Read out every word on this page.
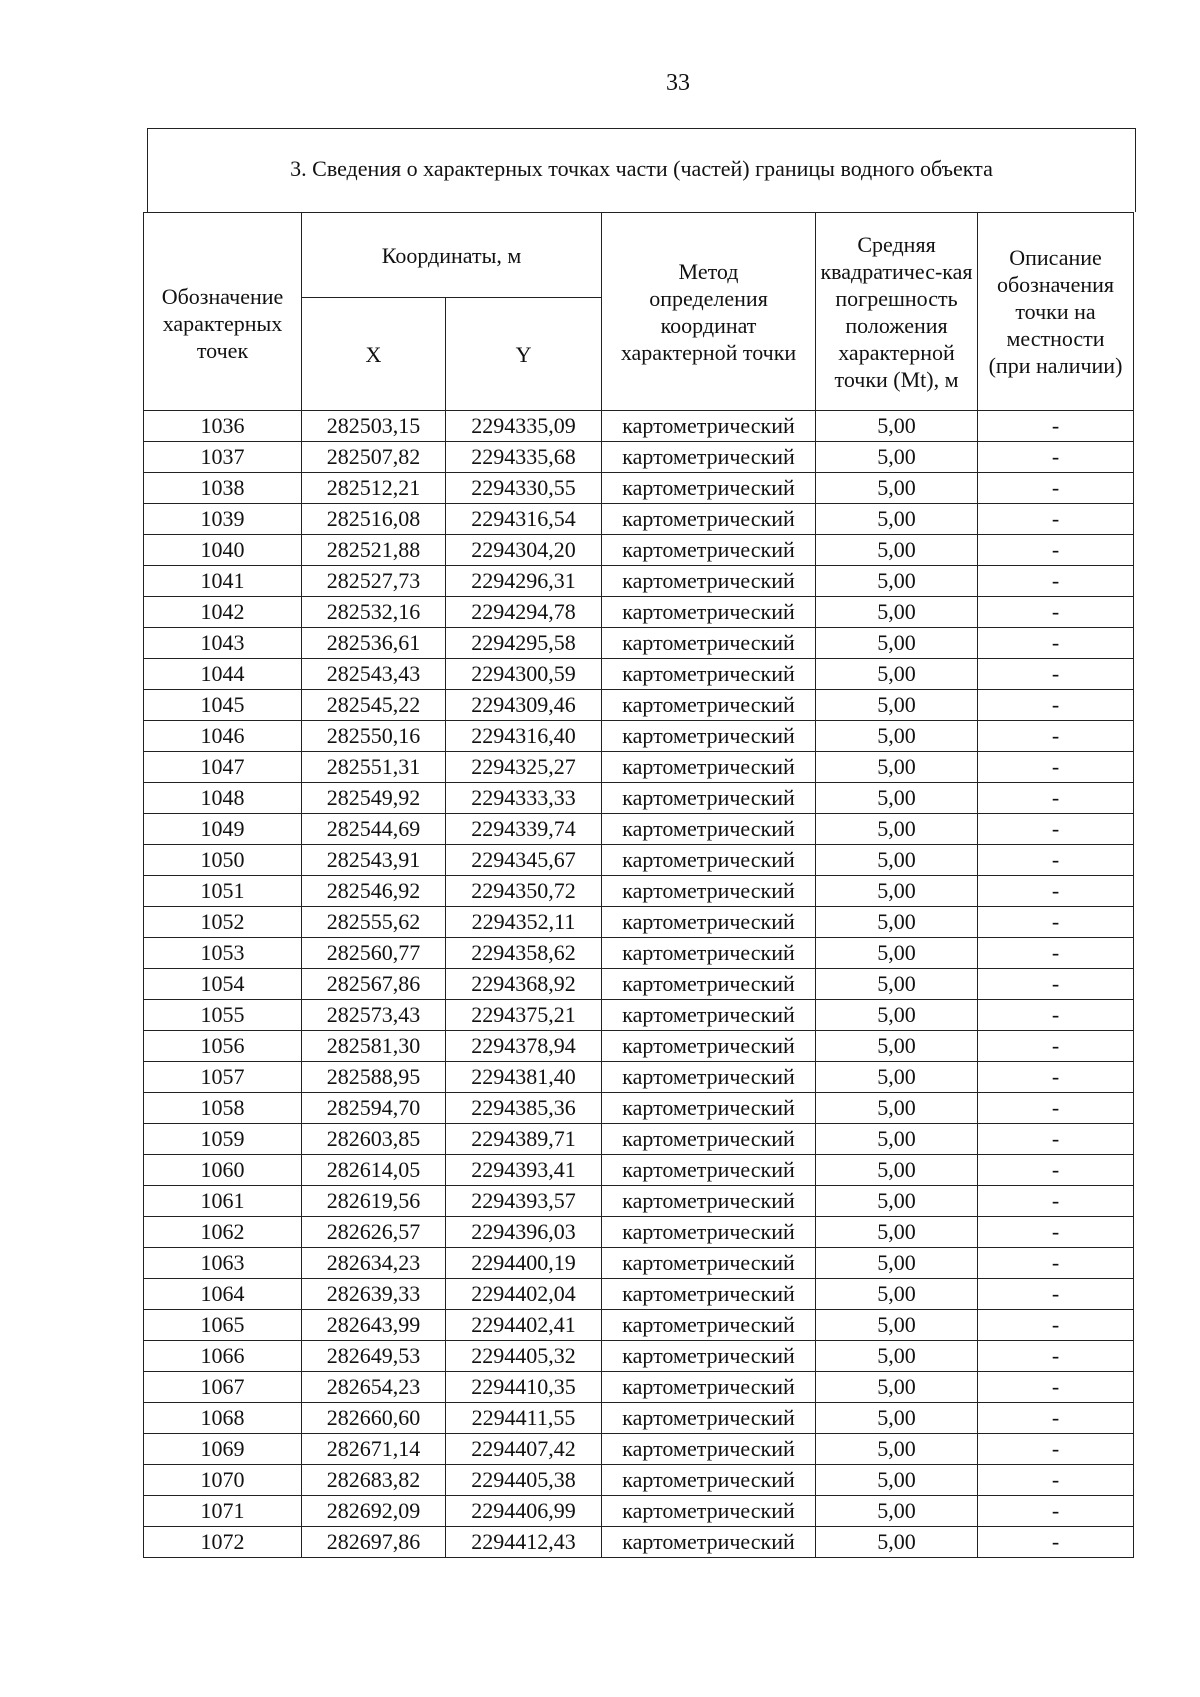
33
3. Сведения о характерных точках части (частей) границы водного объекта
Обозначение характерных точек	Координаты, м		Метод определения координат характерной точки	Средняя квадратичес-кая погрешность положения характерной точки (Mt), м	Описание обозначения точки на местности (при наличии)
	X	Y			
1036	282503,15	2294335,09	картометрический	5,00	-
1037	282507,82	2294335,68	картометрический	5,00	-
1038	282512,21	2294330,55	картометрический	5,00	-
1039	282516,08	2294316,54	картометрический	5,00	-
1040	282521,88	2294304,20	картометрический	5,00	-
1041	282527,73	2294296,31	картометрический	5,00	-
1042	282532,16	2294294,78	картометрический	5,00	-
1043	282536,61	2294295,58	картометрический	5,00	-
1044	282543,43	2294300,59	картометрический	5,00	-
1045	282545,22	2294309,46	картометрический	5,00	-
1046	282550,16	2294316,40	картометрический	5,00	-
1047	282551,31	2294325,27	картометрический	5,00	-
1048	282549,92	2294333,33	картометрический	5,00	-
1049	282544,69	2294339,74	картометрический	5,00	-
1050	282543,91	2294345,67	картометрический	5,00	-
1051	282546,92	2294350,72	картометрический	5,00	-
1052	282555,62	2294352,11	картометрический	5,00	-
1053	282560,77	2294358,62	картометрический	5,00	-
1054	282567,86	2294368,92	картометрический	5,00	-
1055	282573,43	2294375,21	картометрический	5,00	-
1056	282581,30	2294378,94	картометрический	5,00	-
1057	282588,95	2294381,40	картометрический	5,00	-
1058	282594,70	2294385,36	картометрический	5,00	-
1059	282603,85	2294389,71	картометрический	5,00	-
1060	282614,05	2294393,41	картометрический	5,00	-
1061	282619,56	2294393,57	картометрический	5,00	-
1062	282626,57	2294396,03	картометрический	5,00	-
1063	282634,23	2294400,19	картометрический	5,00	-
1064	282639,33	2294402,04	картометрический	5,00	-
1065	282643,99	2294402,41	картометрический	5,00	-
1066	282649,53	2294405,32	картометрический	5,00	-
1067	282654,23	2294410,35	картометрический	5,00	-
1068	282660,60	2294411,55	картометрический	5,00	-
1069	282671,14	2294407,42	картометрический	5,00	-
1070	282683,82	2294405,38	картометрический	5,00	-
1071	282692,09	2294406,99	картометрический	5,00	-
1072	282697,86	2294412,43	картометрический	5,00	-
